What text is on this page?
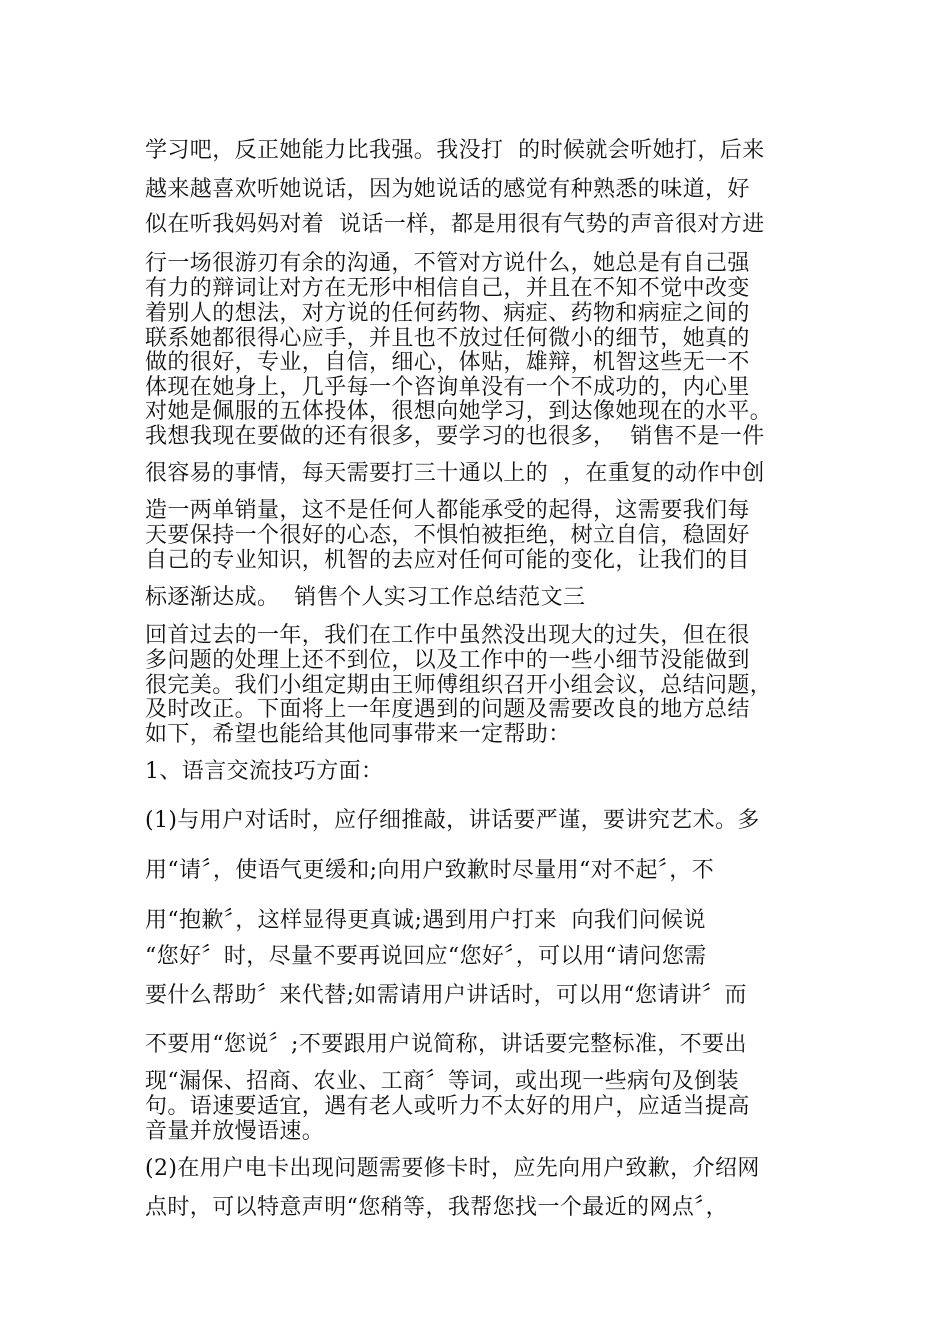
学习吧，反正她能力比我强。我没打  的时候就会听她打，后来
越来越喜欢听她说话，因为她说话的感觉有种熟悉的味道，好
似在听我妈妈对着  说话一样，都是用很有气势的声音很对方进
行一场很游刃有余的沟通，不管对方说什么，她总是有自己强
有力的辩词让对方在无形中相信自己，并且在不知不觉中改变
着别人的想法，对方说的任何药物、病症、药物和病症之间的
联系她都很得心应手，并且也不放过任何微小的细节，她真的
做的很好，专业，自信，细心，体贴，雄辩，机智这些无一不
体现在她身上，几乎每一个咨询单没有一个不成功的，内心里
对她是佩服的五体投体，很想向她学习，到达像她现在的水平。
我想我现在要做的还有很多，要学习的也很多，  销售不是一件
很容易的事情，每天需要打三十通以上的  ，在重复的动作中创
造一两单销量，这不是任何人都能承受的起得，这需要我们每
天要保持一个很好的心态，不惧怕被拒绝，树立自信，稳固好
自己的专业知识，机智的去应对任何可能的变化，让我们的目
标逐渐达成。  销售个人实习工作总结范文三
回首过去的一年，我们在工作中虽然没出现大的过失，但在很
多问题的处理上还不到位，以及工作中的一些小细节没能做到
很完美。我们小组定期由王师傅组织召开小组会议，总结问题，
及时改正。下面将上一年度遇到的问题及需要改良的地方总结
如下，希望也能给其他同事带来一定帮助：
1、语言交流技巧方面：
(1)与用户对话时，应仔细推敲，讲话要严谨，要讲究艺术。多
用“请〞，使语气更缓和;向用户致歉时尽量用“对不起〞，不
用“抱歉〞，这样显得更真诚;遇到用户打来  向我们问候说
“您好〞时，尽量不要再说回应“您好〞，可以用“请问您需
要什么帮助〞来代替;如需请用户讲话时，可以用“您请讲〞而
不要用“您说〞;不要跟用户说简称，讲话要完整标准，不要出
现“漏保、招商、农业、工商〞等词，或出现一些病句及倒装
句。语速要适宜，遇有老人或听力不太好的用户，应适当提高
音量并放慢语速。
(2)在用户电卡出现问题需要修卡时，应先向用户致歉，介绍网
点时，可以特意声明“您稍等，我帮您找一个最近的网点〞，
